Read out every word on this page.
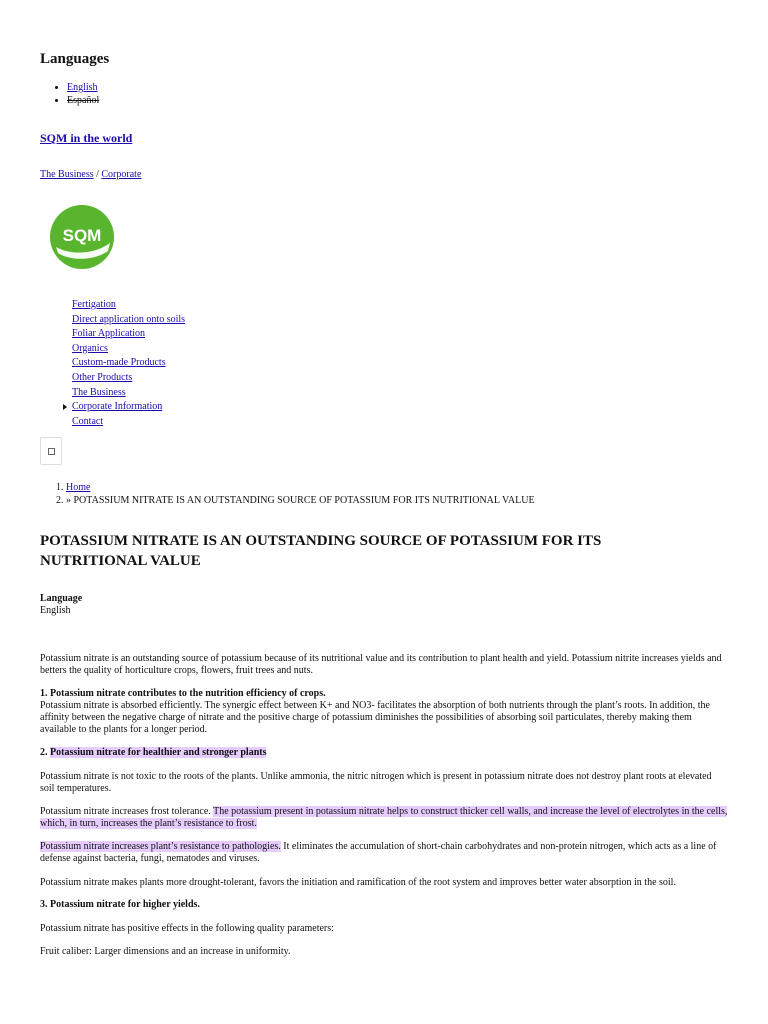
Languages
• English
• Español
SQM in the world
The Business / Corporate
SQM
Fertigation
Direct application onto soils
Foliar Application
Organics
Custom-made Products
Other Products
The Business
Corporate Information
Contact
1. Home
2. » POTASSIUM NITRATE IS AN OUTSTANDING SOURCE OF POTASSIUM FOR ITS NUTRITIONAL VALUE
POTASSIUM NITRATE IS AN OUTSTANDING SOURCE OF POTASSIUM FOR ITS NUTRITIONAL VALUE
Language
English
Potassium nitrate is an outstanding source of potassium because of its nutritional value and its contribution to plant health and yield. Potassium nitrite increases yields and betters the quality of horticulture crops, flowers, fruit trees and nuts.
1. Potassium nitrate contributes to the nutrition efficiency of crops.
Potassium nitrate is absorbed efficiently. The synergic effect between K+ and NO3- facilitates the absorption of both nutrients through the plant’s roots. In addition, the affinity between the negative charge of nitrate and the positive charge of potassium diminishes the possibilities of absorbing soil particulates, thereby making them available to the plants for a longer period.
2. Potassium nitrate for healthier and stronger plants
Potassium nitrate is not toxic to the roots of the plants. Unlike ammonia, the nitric nitrogen which is present in potassium nitrate does not destroy plant roots at elevated soil temperatures.
Potassium nitrate increases frost tolerance. The potassium present in potassium nitrate helps to construct thicker cell walls, and increase the level of electrolytes in the cells, which, in turn, increases the plant’s resistance to frost.
Potassium nitrate increases plant’s resistance to pathologies. It eliminates the accumulation of short-chain carbohydrates and non-protein nitrogen, which acts as a line of defense against bacteria, fungi, nematodes and viruses.
Potassium nitrate makes plants more drought-tolerant, favors the initiation and ramification of the root system and improves better water absorption in the soil.
3. Potassium nitrate for higher yields.
Potassium nitrate has positive effects in the following quality parameters:
Fruit caliber: Larger dimensions and an increase in uniformity.
